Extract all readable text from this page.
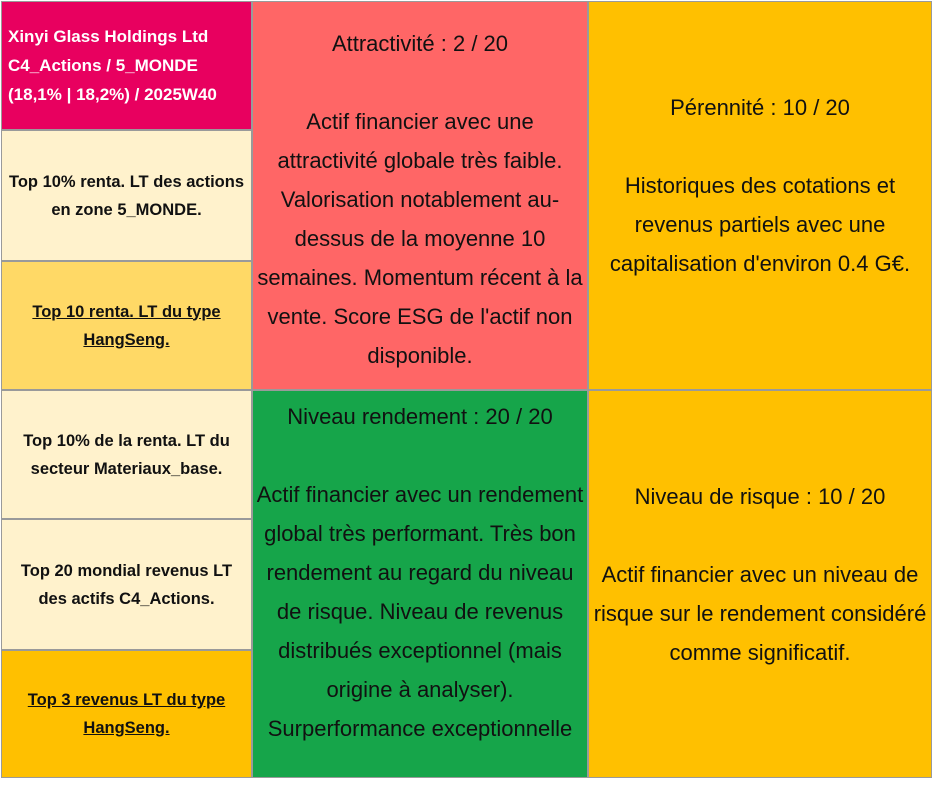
Xinyi Glass Holdings Ltd
C4_Actions / 5_MONDE
(18,1% | 18,2%) / 2025W40
Top 10% renta. LT des actions en zone 5_MONDE.
Top 10 renta. LT du type HangSeng.
Top 10% de la renta. LT du secteur Materiaux_base.
Top 20 mondial revenus LT des actifs C4_Actions.
Top 3 revenus LT du type HangSeng.
Attractivité : 2 / 20
Actif financier avec une attractivité globale très faible. Valorisation notablement au-dessus de la moyenne 10 semaines. Momentum récent à la vente. Score ESG de l'actif non disponible.
Pérennité : 10 / 20
Historiques des cotations et revenus partiels avec une capitalisation d'environ 0.4 G€.
Niveau rendement : 20 / 20
Actif financier avec un rendement global très performant. Très bon rendement au regard du niveau de risque. Niveau de revenus distribués exceptionnel (mais origine à analyser). Surperformance exceptionnelle
Niveau de risque : 10 / 20
Actif financier avec un niveau de risque sur le rendement considéré comme significatif.
